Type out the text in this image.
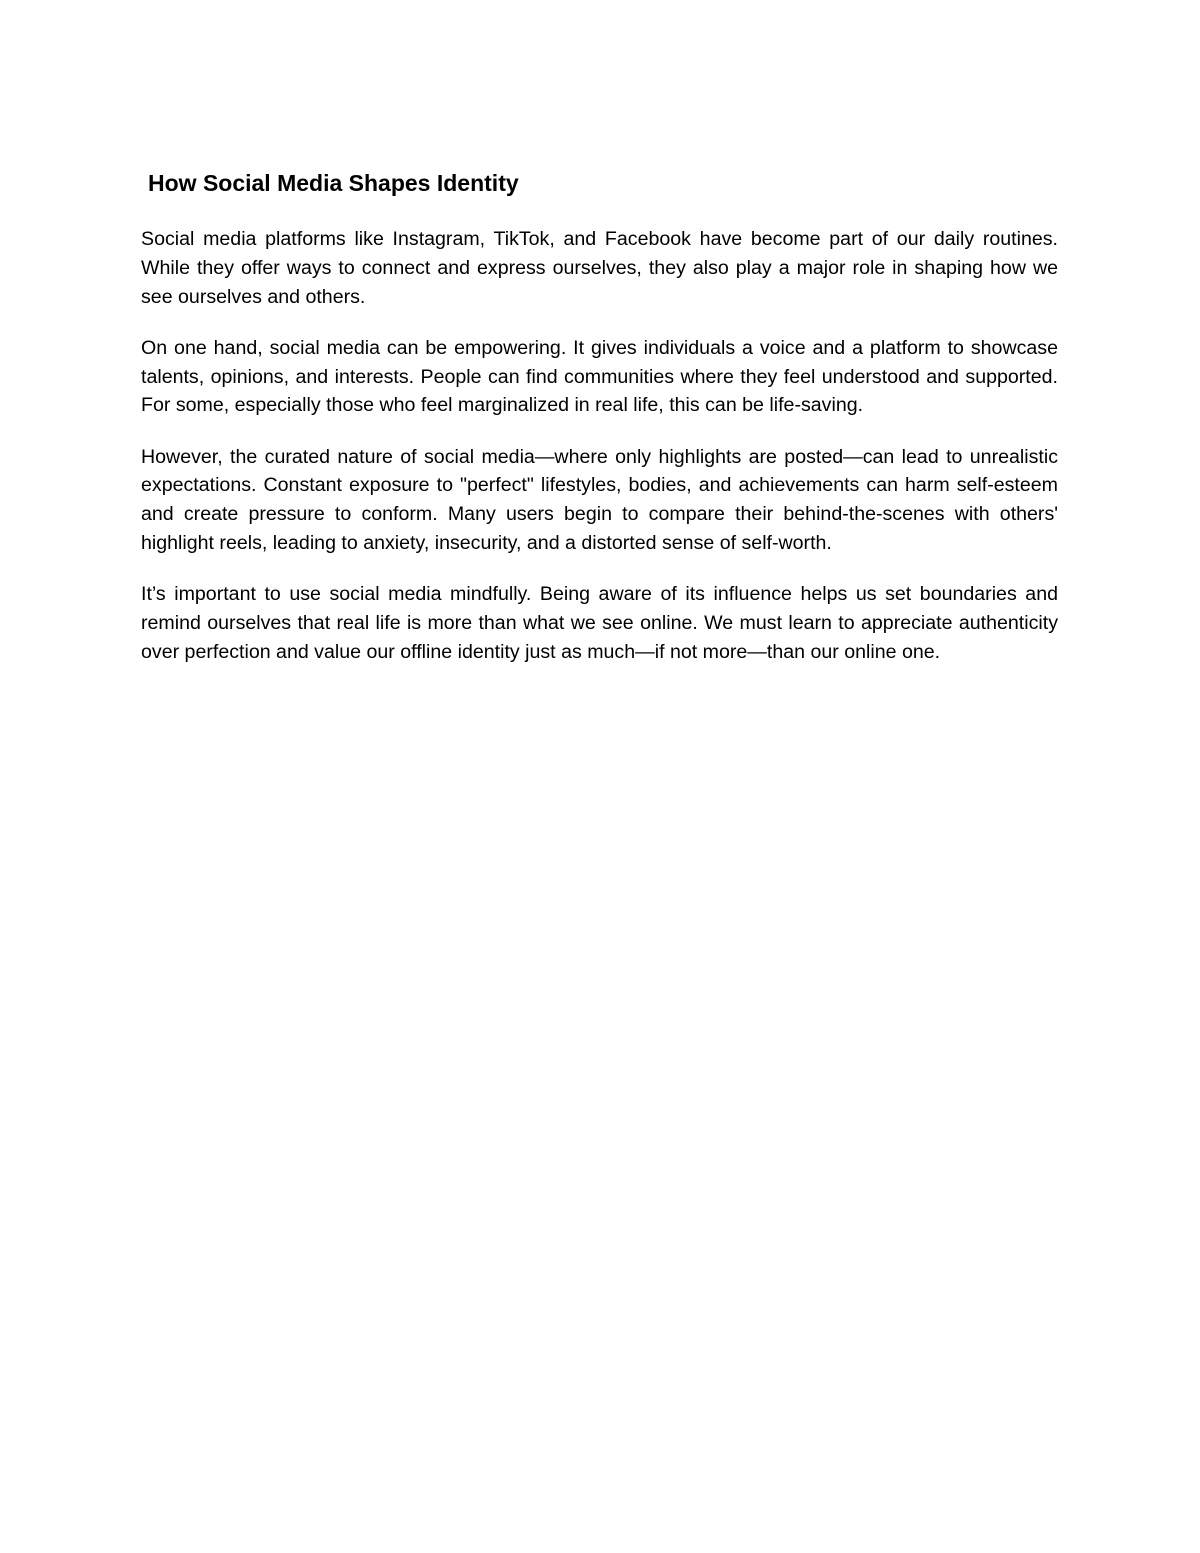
How Social Media Shapes Identity

Social media platforms like Instagram, TikTok, and Facebook have become part of our daily routines. While they offer ways to connect and express ourselves, they also play a major role in shaping how we see ourselves and others.

On one hand, social media can be empowering. It gives individuals a voice and a platform to showcase talents, opinions, and interests. People can find communities where they feel understood and supported. For some, especially those who feel marginalized in real life, this can be life-saving.

However, the curated nature of social media—where only highlights are posted—can lead to unrealistic expectations. Constant exposure to "perfect" lifestyles, bodies, and achievements can harm self-esteem and create pressure to conform. Many users begin to compare their behind-the-scenes with others' highlight reels, leading to anxiety, insecurity, and a distorted sense of self-worth.

It’s important to use social media mindfully. Being aware of its influence helps us set boundaries and remind ourselves that real life is more than what we see online. We must learn to appreciate authenticity over perfection and value our offline identity just as much—if not more—than our online one.
